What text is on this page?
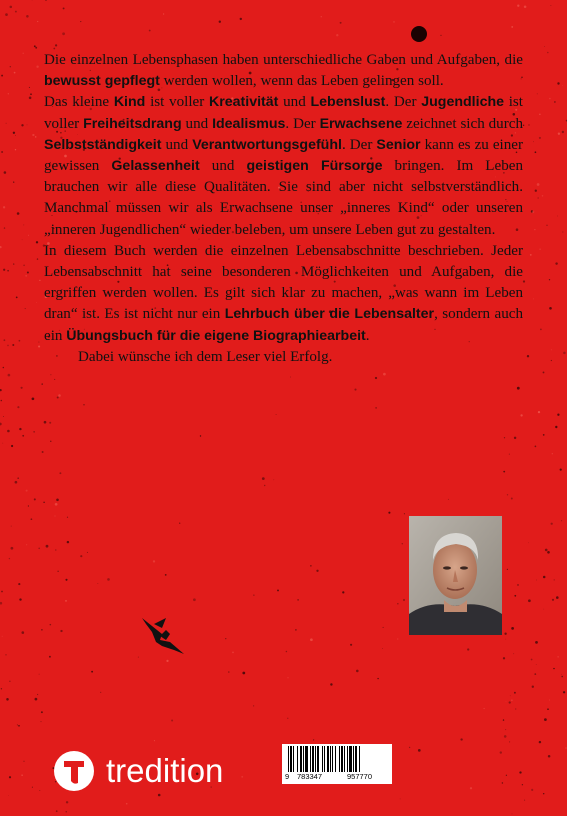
Die einzelnen Lebensphasen haben unterschiedliche Gaben und Aufgaben, die bewusst gepflegt werden wollen, wenn das Leben gelingen soll.

Das kleine Kind ist voller Kreativität und Lebenslust. Der Jugendliche ist voller Freiheitsdrang und Idealismus. Der Erwachsene zeichnet sich durch Selbstständigkeit und Verantwortungsgefühl. Der Senior kann es zu einer gewissen Gelassenheit und geistigen Fürsorge bringen. Im Leben brauchen wir alle diese Qualitäten. Sie sind aber nicht selbstverständlich. Manchmal müssen wir als Erwachsene unser „inneres Kind“ oder unseren „inneren Jugendlichen“ wieder beleben, um unsere Leben gut zu gestalten.

In diesem Buch werden die einzelnen Lebensabschnitte beschrieben. Jeder Lebensabschnitt hat seine besonderen Möglichkeiten und Aufgaben, die ergriffen werden wollen. Es gilt sich klar zu machen, „was wann im Leben dran“ ist. Es ist nicht nur ein Lehrbuch über die Lebensalter, sondern auch ein Übungsbuch für die eigene Biographiearbeit.

Dabei wünsche ich dem Leser viel Erfolg.

tredition

	9

783347

	957770
